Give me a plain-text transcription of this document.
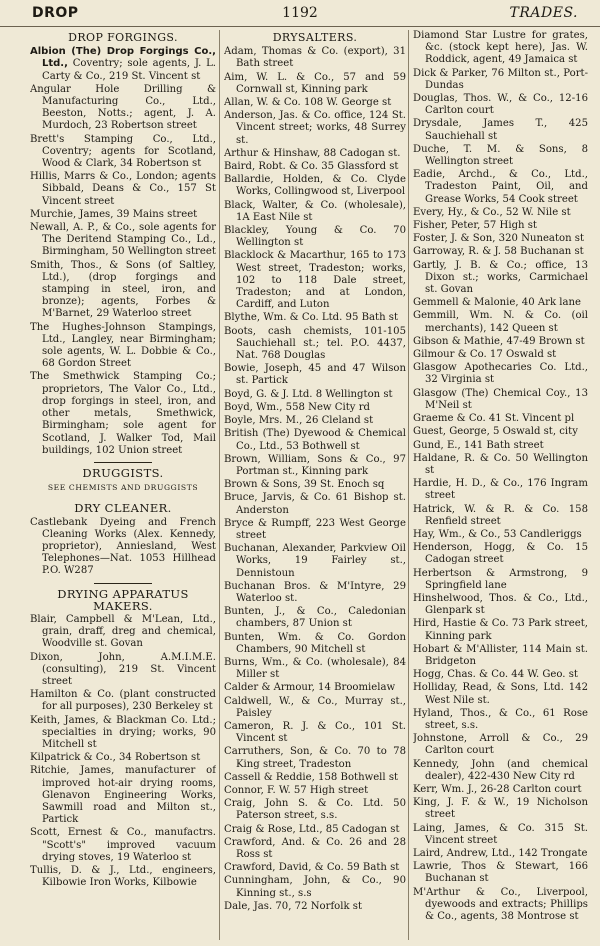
DROP	1192	TRADES.
DROP FORGINGS.
Albion (The) Drop Forgings Co., Ltd., Coventry; sole agents, J. L. Carty & Co., 219 St. Vincent st
Angular Hole Drilling & Manufacturing Co., Ltd., Beeston, Notts.; agent, J. A. Murdoch, 23 Robertson street
Brett's Stamping Co., Ltd., Coventry; agents for Scotland, Wood & Clark, 34 Robertson st
Hillis, Marrs & Co., London; agents Sibbald, Deans & Co., 157 St Vincent street
Murchie, James, 39 Mains street
Newall, A. P., & Co., sole agents for The Deritend Stamping Co., Ld., Birmingham, 50 Wellington street
Smith, Thos., & Sons (of Saltley, Ltd.), (drop forgings and stamping in steel, iron, and bronze); agents, Forbes & M'Barnet, 29 Waterloo street
The Hughes-Johnson Stampings, Ltd., Langley, near Birmingham; sole agents, W. L. Dobbie & Co., 68 Gordon Street
The Smethwick Stamping Co.; proprietors, The Valor Co., Ltd., drop forgings in steel, iron, and other metals, Smethwick, Birmingham; sole agent for Scotland, J. Walker Tod, Mail buildings, 102 Union street
DRUGGISTS.
SEE CHEMISTS AND DRUGGISTS
DRY CLEANER.
Castlebank Dyeing and French Cleaning Works (Alex. Kennedy, proprietor), Anniesland, West Telephones—Nat. 1053 Hillhead P.O. W287
DRYING APPARATUS MAKERS.
Blair, Campbell & M'Lean, Ltd., grain, draff, dreg and chemical, Woodville st. Govan
Dixon, John, A.M.I.M.E. (consulting), 219 St. Vincent street
Hamilton & Co. (plant constructed for all purposes), 230 Berkeley st
Keith, James, & Blackman Co. Ltd.; specialties in drying; works, 90 Mitchell st
Kilpatrick & Co., 34 Robertson st
Ritchie, James, manufacturer of improved hot-air drying rooms, Glenavon Engineering Works, Sawmill road and Milton st., Partick
Scott, Ernest & Co., manufactrs. "Scott's" improved vacuum drying stoves, 19 Waterloo st
Tullis, D. & J., Ltd., engineers, Kilbowie Iron Works, Kilbowie
DRYSALTERS.
Adam, Thomas & Co. (export), 31 Bath street
Aim, W. L. & Co., 57 and 59 Cornwall st, Kinning park
Allan, W. & Co. 108 W. George st
Anderson, Jas. & Co. office, 124 St. Vincent street; works, 48 Surrey st.
Arthur & Hinshaw, 88 Cadogan st.
Baird, Robt. & Co. 35 Glassford st
Ballardie, Holden, & Co. Clyde Works, Collingwood st, Liverpool
Black, Walter, & Co. (wholesale), 1A East Nile st
Blackley, Young & Co. 70 Wellington st
Blacklock & Macarthur, 165 to 173 West street, Tradeston; works, 102 to 118 Dale street, Tradeston; and at London, Cardiff, and Luton
Blythe, Wm. & Co. Ltd. 95 Bath st
Boots, cash chemists, 101-105 Sauchiehall st.; tel. P.O. 4437, Nat. 768 Douglas
Bowie, Joseph, 45 and 47 Wilson st. Partick
Boyd, G. & J. Ltd. 8 Wellington st
Boyd, Wm., 558 New City rd
Boyle, Mrs. M., 26 Cleland st
British (The) Dyewood & Chemical Co., Ltd., 53 Bothwell st
Brown, William, Sons & Co., 97 Portman st., Kinning park
Brown & Sons, 39 St. Enoch sq
Bruce, Jarvis, & Co. 61 Bishop st. Anderston
Bryce & Rumpff, 223 West George street
Buchanan, Alexander, Parkview Oil Works, 19 Fairley st., Dennistoun
Buchanan Bros. & M'Intyre, 29 Waterloo st.
Bunten, J., & Co., Caledonian chambers, 87 Union st
Bunten, Wm. & Co. Gordon Chambers, 90 Mitchell st
Burns, Wm., & Co. (wholesale), 84 Miller st
Calder & Armour, 14 Broomielaw
Caldwell, W., & Co., Murray st., Paisley
Cameron, R. J. & Co., 101 St. Vincent st
Carruthers, Son, & Co. 70 to 78 King street, Tradeston
Cassell & Reddie, 158 Bothwell st
Connor, F. W. 57 High street
Craig, John S. & Co. Ltd. 50 Paterson street, s.s.
Craig & Rose, Ltd., 85 Cadogan st
Crawford, And. & Co. 26 and 28 Ross st
Crawford, David, & Co. 59 Bath st
Cunningham, John, & Co., 90 Kinning st., s.s
Dale, Jas. 70, 72 Norfolk st
Diamond Star Lustre for grates, &c. (stock kept here), Jas. W. Roddick, agent, 49 Jamaica st
Dick & Parker, 76 Milton st., Port-Dundas
Douglas, Thos. W., & Co., 12-16 Carlton court
Drysdale, James T., 425 Sauchiehall st
Duche, T. M. & Sons, 8 Wellington street
Eadie, Archd., & Co., Ltd., Tradeston Paint, Oil, and Grease Works, 54 Cook street
Every, Hy., & Co., 52 W. Nile st
Fisher, Peter, 57 High st
Foster, J. & Son, 320 Nuneaton st
Garroway, R. & J. 58 Buchanan st
Gartly, J. B. & Co.; office, 13 Dixon st.; works, Carmichael st. Govan
Gemmell & Malonie, 40 Ark lane
Gemmill, Wm. N. & Co. (oil merchants), 142 Queen st
Gibson & Mathie, 47-49 Brown st
Gilmour & Co. 17 Oswald st
Glasgow Apothecaries Co. Ltd., 32 Virginia st
Glasgow (The) Chemical Coy., 13 M'Neil st
Graeme & Co. 41 St. Vincent pl
Guest, George, 5 Oswald st, city
Gund, E., 141 Bath street
Haldane, R. & Co. 50 Wellington st
Hardie, H. D., & Co., 176 Ingram street
Hatrick, W. & R. & Co. 158 Renfield street
Hay, Wm., & Co., 53 Candleriggs
Henderson, Hogg, & Co. 15 Cadogan street
Herbertson & Armstrong, 9 Springfield lane
Hinshelwood, Thos. & Co., Ltd., Glenpark st
Hird, Hastie & Co. 73 Park street, Kinning park
Hobart & M'Allister, 114 Main st. Bridgeton
Hogg, Chas. & Co. 44 W. Geo. st
Holliday, Read, & Sons, Ltd. 142 West Nile st.
Hyland, Thos., & Co., 61 Rose street, s.s.
Johnstone, Arroll & Co., 29 Carlton court
Kennedy, John (and chemical dealer), 422-430 New City rd
Kerr, Wm. J., 26-28 Carlton court
King, J. F. & W., 19 Nicholson street
Laing, James, & Co. 315 St. Vincent street
Laird, Andrew, Ltd., 142 Trongate
Lawrie, Thos & Stewart, 166 Buchanan st
M'Arthur & Co., Liverpool, dyewoods and extracts; Phillips & Co., agents, 38 Montrose st
